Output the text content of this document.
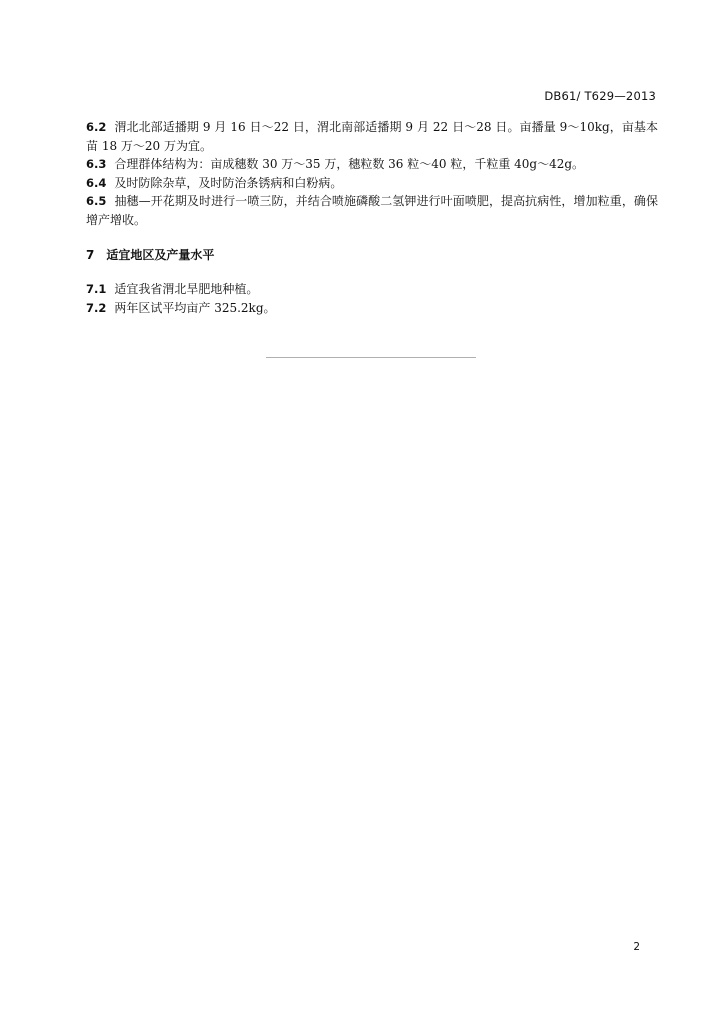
DB61/ T629—2013
6.2 渭北北部适播期 9 月 16 日～22 日，渭北南部适播期 9 月 22 日～28 日。亩播量 9～10kg，亩基本苗 18 万～20 万为宜。
6.3 合理群体结构为：亩成穗数 30 万～35 万，穗粒数 36 粒～40 粒，千粒重 40g～42g。
6.4 及时防除杂草，及时防治条锈病和白粉病。
6.5 抽穗—开花期及时进行一喷三防，并结合喷施磷酸二氢钾进行叶面喷肥，提高抗病性，增加粒重，确保增产增收。
7 适宜地区及产量水平
7.1 适宜我省渭北旱肥地种植。
7.2 两年区试平均亩产 325.2kg。
2
